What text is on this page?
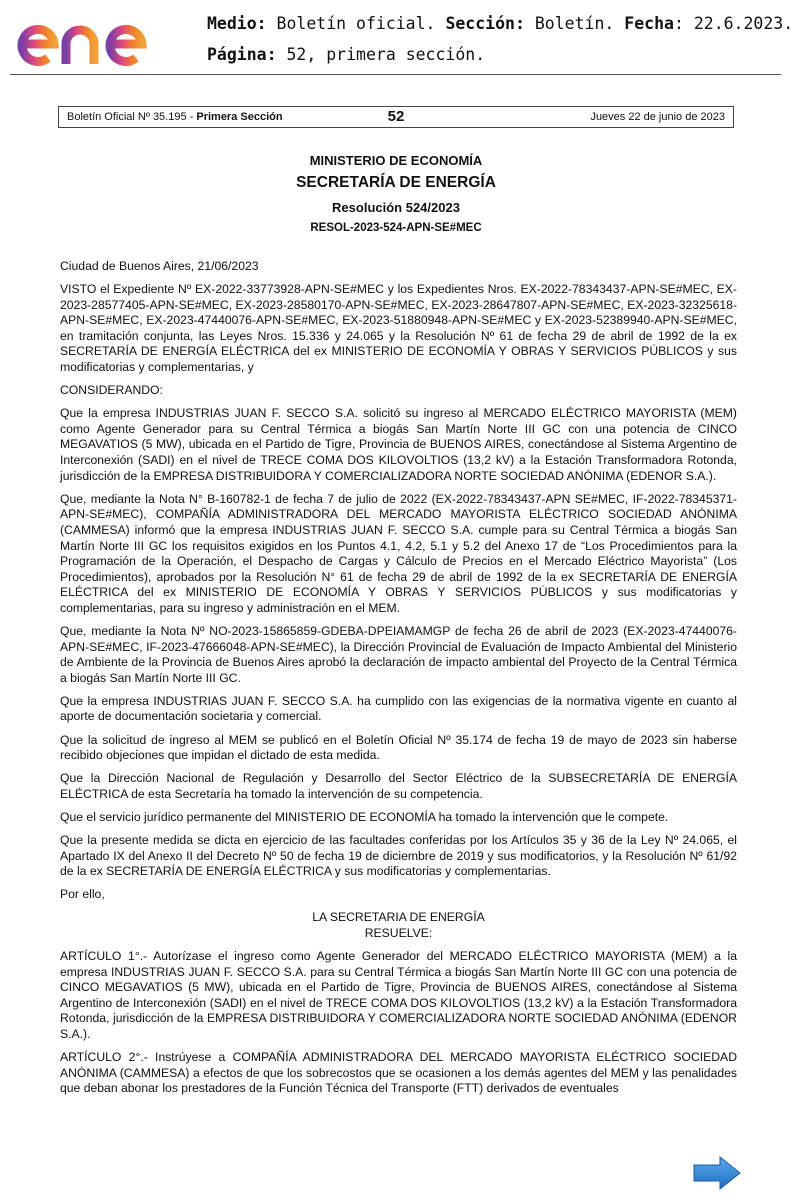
Medio: Boletín oficial. Sección: Boletín. Fecha: 22.6.2023.
Página: 52, primera sección.
Boletín Oficial Nº 35.195 - Primera Sección	52	Jueves 22 de junio de 2023
MINISTERIO DE ECONOMÍA
SECRETARÍA DE ENERGÍA
Resolución 524/2023
RESOL-2023-524-APN-SE#MEC

Ciudad de Buenos Aires, 21/06/2023

VISTO el Expediente Nº EX-2022-33773928-APN-SE#MEC y los Expedientes Nros. EX-2022-78343437-APN-SE#MEC, EX-2023-28577405-APN-SE#MEC, EX-2023-28580170-APN-SE#MEC, EX-2023-28647807-APN-SE#MEC, EX-2023-32325618-APN-SE#MEC, EX-2023-47440076-APN-SE#MEC, EX-2023-51880948-APN-SE#MEC y EX-2023-52389940-APN-SE#MEC, en tramitación conjunta, las Leyes Nros. 15.336 y 24.065 y la Resolución Nº 61 de fecha 29 de abril de 1992 de la ex SECRETARÍA DE ENERGÍA ELÉCTRICA del ex MINISTERIO DE ECONOMÍA Y OBRAS Y SERVICIOS PÚBLICOS y sus modificatorias y complementarias, y

CONSIDERANDO:

Que la empresa INDUSTRIAS JUAN F. SECCO S.A. solicitó su ingreso al MERCADO ELÉCTRICO MAYORISTA (MEM) como Agente Generador para su Central Térmica a biogás San Martín Norte III GC con una potencia de CINCO MEGAVATIOS (5 MW), ubicada en el Partido de Tigre, Provincia de BUENOS AIRES, conectándose al Sistema Argentino de Interconexión (SADI) en el nivel de TRECE COMA DOS KILOVOLTIOS (13,2 kV) a la Estación Transformadora Rotonda, jurisdicción de la EMPRESA DISTRIBUIDORA Y COMERCIALIZADORA NORTE SOCIEDAD ANÓNIMA (EDENOR S.A.).

Que, mediante la Nota N° B-160782-1 de fecha 7 de julio de 2022 (EX-2022-78343437-APN SE#MEC, IF-2022-78345371-APN-SE#MEC), COMPAÑÍA ADMINISTRADORA DEL MERCADO MAYORISTA ELÉCTRICO SOCIEDAD ANÓNIMA (CAMMESA) informó que la empresa INDUSTRIAS JUAN F. SECCO S.A. cumple para su Central Térmica a biogás San Martín Norte III GC los requisitos exigidos en los Puntos 4.1, 4.2, 5.1 y 5.2 del Anexo 17 de “Los Procedimientos para la Programación de la Operación, el Despacho de Cargas y Cálculo de Precios en el Mercado Eléctrico Mayorista” (Los Procedimientos), aprobados por la Resolución N° 61 de fecha 29 de abril de 1992 de la ex SECRETARÍA DE ENERGÍA ELÉCTRICA del ex MINISTERIO DE ECONOMÍA Y OBRAS Y SERVICIOS PÚBLICOS y sus modificatorias y complementarias, para su ingreso y administración en el MEM.

Que, mediante la Nota Nº NO-2023-15865859-GDEBA-DPEIAMAMGP de fecha 26 de abril de 2023 (EX-2023-47440076-APN-SE#MEC, IF-2023-47666048-APN-SE#MEC), la Dirección Provincial de Evaluación de Impacto Ambiental del Ministerio de Ambiente de la Provincia de Buenos Aires aprobó la declaración de impacto ambiental del Proyecto de la Central Térmica a biogás San Martín Norte III GC.

Que la empresa INDUSTRIAS JUAN F. SECCO S.A. ha cumplido con las exigencias de la normativa vigente en cuanto al aporte de documentación societaria y comercial.

Que la solicitud de ingreso al MEM se publicó en el Boletín Oficial Nº 35.174 de fecha 19 de mayo de 2023 sin haberse recibido objeciones que impidan el dictado de esta medida.

Que la Dirección Nacional de Regulación y Desarrollo del Sector Eléctrico de la SUBSECRETARÍA DE ENERGÍA ELÉCTRICA de esta Secretaría ha tomado la intervención de su competencia.

Que el servicio jurídico permanente del MINISTERIO DE ECONOMÍA ha tomado la intervención que le compete.

Que la presente medida se dicta en ejercicio de las facultades conferidas por los Artículos 35 y 36 de la Ley Nº 24.065, el Apartado IX del Anexo II del Decreto Nº 50 de fecha 19 de diciembre de 2019 y sus modificatorios, y la Resolución Nº 61/92 de la ex SECRETARÍA DE ENERGÍA ELÉCTRICA y sus modificatorias y complementarias.

Por ello,

LA SECRETARIA DE ENERGÍA
RESUELVE:

ARTÍCULO 1°.- Autorízase el ingreso como Agente Generador del MERCADO ELÉCTRICO MAYORISTA (MEM) a la empresa INDUSTRIAS JUAN F. SECCO S.A. para su Central Térmica a biogás San Martín Norte III GC con una potencia de CINCO MEGAVATIOS (5 MW), ubicada en el Partido de Tigre, Provincia de BUENOS AIRES, conectándose al Sistema Argentino de Interconexión (SADI) en el nivel de TRECE COMA DOS KILOVOLTIOS (13,2 kV) a la Estación Transformadora Rotonda, jurisdicción de la EMPRESA DISTRIBUIDORA Y COMERCIALIZADORA NORTE SOCIEDAD ANÓNIMA (EDENOR S.A.).

ARTÍCULO 2°.- Instrúyese a COMPAÑÍA ADMINISTRADORA DEL MERCADO MAYORISTA ELÉCTRICO SOCIEDAD ANÓNIMA (CAMMESA) a efectos de que los sobrecostos que se ocasionen a los demás agentes del MEM y las penalidades que deban abonar los prestadores de la Función Técnica del Transporte (FTT) derivados de eventuales
